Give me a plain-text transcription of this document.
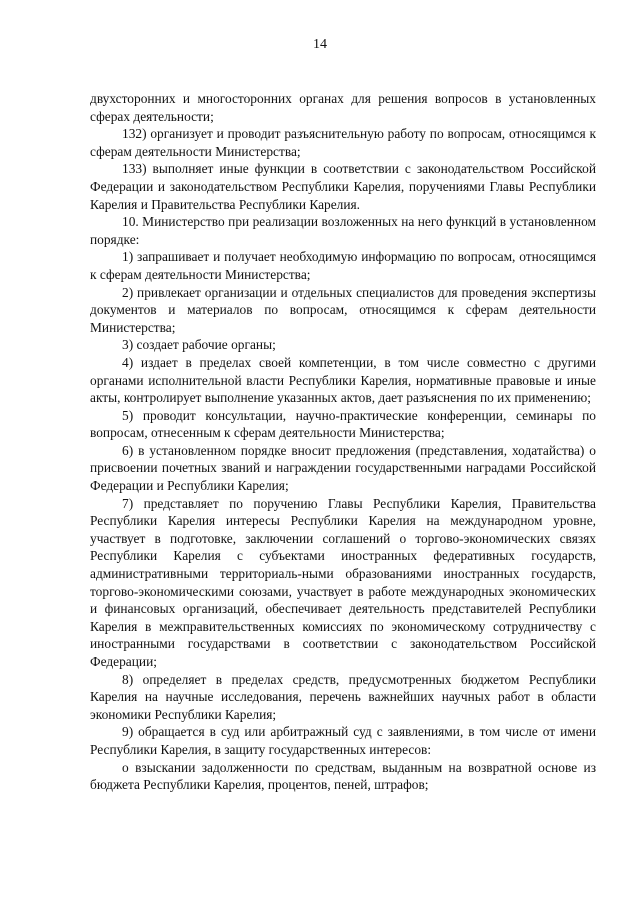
14

двухсторонних и многосторонних органах для решения вопросов в установленных сферах деятельности;

132) организует и проводит разъяснительную работу по вопросам, относящимся к сферам деятельности Министерства;

133) выполняет иные функции в соответствии с законодательством Российской Федерации и законодательством Республики Карелия, поручениями Главы Республики Карелия и Правительства Республики Карелия.

10. Министерство при реализации возложенных на него функций в установленном порядке:

1) запрашивает и получает необходимую информацию по вопросам, относящимся к сферам деятельности Министерства;

2) привлекает организации и отдельных специалистов для проведения экспертизы документов и материалов по вопросам, относящимся к сферам деятельности Министерства;

3) создает рабочие органы;

4) издает в пределах своей компетенции, в том числе совместно с другими органами исполнительной власти Республики Карелия, нормативные правовые и иные акты, контролирует выполнение указанных актов, дает разъяснения по их применению;

5) проводит консультации, научно-практические конференции, семинары по вопросам, отнесенным к сферам деятельности Министерства;

6) в установленном порядке вносит предложения (представления, ходатайства) о присвоении почетных званий и награждении государственными наградами Российской Федерации и Республики Карелия;

7) представляет по поручению Главы Республики Карелия, Правительства Республики Карелия интересы Республики Карелия на международном уровне, участвует в подготовке, заключении соглашений о торгово-экономических связях Республики Карелия с субъектами иностранных федеративных государств, административными территориаль-ными образованиями иностранных государств, торгово-экономическими союзами, участвует в работе международных экономических и финансовых организаций, обеспечивает деятельность представителей Республики Карелия в межправительственных комиссиях по экономическому сотрудничеству с иностранными государствами в соответствии с законодательством Российской Федерации;

8) определяет в пределах средств, предусмотренных бюджетом Республики Карелия на научные исследования, перечень важнейших научных работ в области экономики Республики Карелия;

9) обращается в суд или арбитражный суд с заявлениями, в том числе от имени Республики Карелия, в защиту государственных интересов:

о взыскании задолженности по средствам, выданным на возвратной основе из бюджета Республики Карелия, процентов, пеней, штрафов;
